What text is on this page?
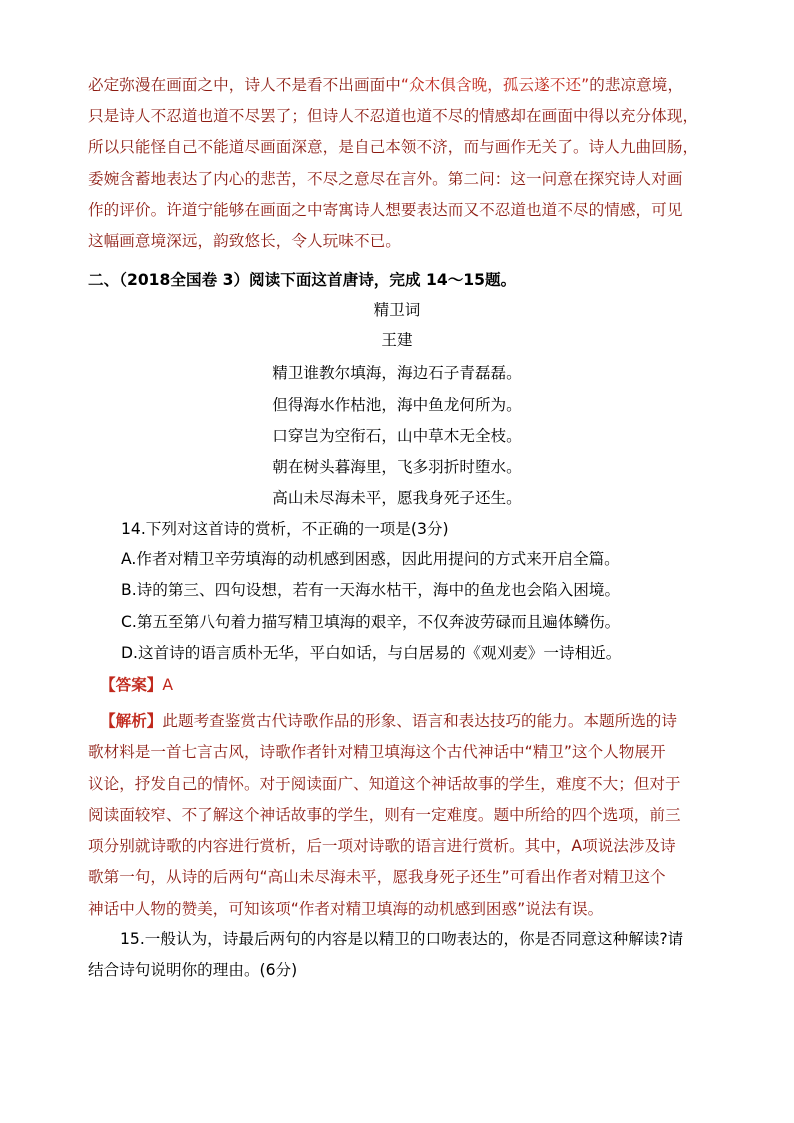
必定弥漫在画面之中，诗人不是看不出画面中“众木俱含晚，孤云遂不还”的悲凉意境，
只是诗人不忍道也道不尽罢了；但诗人不忍道也道不尽的情感却在画面中得以充分体现，
所以只能怪自己不能道尽画面深意，是自己本领不济，而与画作无关了。诗人九曲回肠，
委婉含蓄地表达了内心的悲苦，不尽之意尽在言外。第二问：这一问意在探究诗人对画
作的评价。许道宁能够在画面之中寄寓诗人想要表达而又不忍道也道不尽的情感，可见
这幅画意境深远，韵致悠长，令人玩味不已。
二、（2018全国卷 3）阅读下面这首唐诗，完成 14～15题。
精卫词
王建
精卫谁教尔填海，海边石子青磊磊。
但得海水作枯池，海中鱼龙何所为。
口穿岂为空衔石，山中草木无全枝。
朝在树头暮海里，飞多羽折时堕水。
高山未尽海未平，愿我身死子还生。
14.下列对这首诗的赏析，不正确的一项是(3分)
A.作者对精卫辛劳填海的动机感到困惑，因此用提问的方式来开启全篇。
B.诗的第三、四句设想，若有一天海水枯干，海中的鱼龙也会陷入困境。
C.第五至第八句着力描写精卫填海的艰辛，不仅奔波劳碌而且遍体鳞伤。
D.这首诗的语言质朴无华，平白如话，与白居易的《观刈麦》一诗相近。
【答案】A
【解析】此题考查鉴赏古代诗歌作品的形象、语言和表达技巧的能力。本题所选的诗
歌材料是一首七言古风，诗歌作者针对精卫填海这个古代神话中“精卫”这个人物展开
议论，抒发自己的情怀。对于阅读面广、知道这个神话故事的学生，难度不大；但对于
阅读面较窄、不了解这个神话故事的学生，则有一定难度。题中所给的四个选项，前三
项分别就诗歌的内容进行赏析，后一项对诗歌的语言进行赏析。其中，A项说法涉及诗
歌第一句，从诗的后两句“高山未尽海未平，愿我身死子还生”可看出作者对精卫这个
神话中人物的赞美，可知该项“作者对精卫填海的动机感到困惑”说法有误。
15.一般认为，诗最后两句的内容是以精卫的口吻表达的，你是否同意这种解读?请
结合诗句说明你的理由。(6分)
